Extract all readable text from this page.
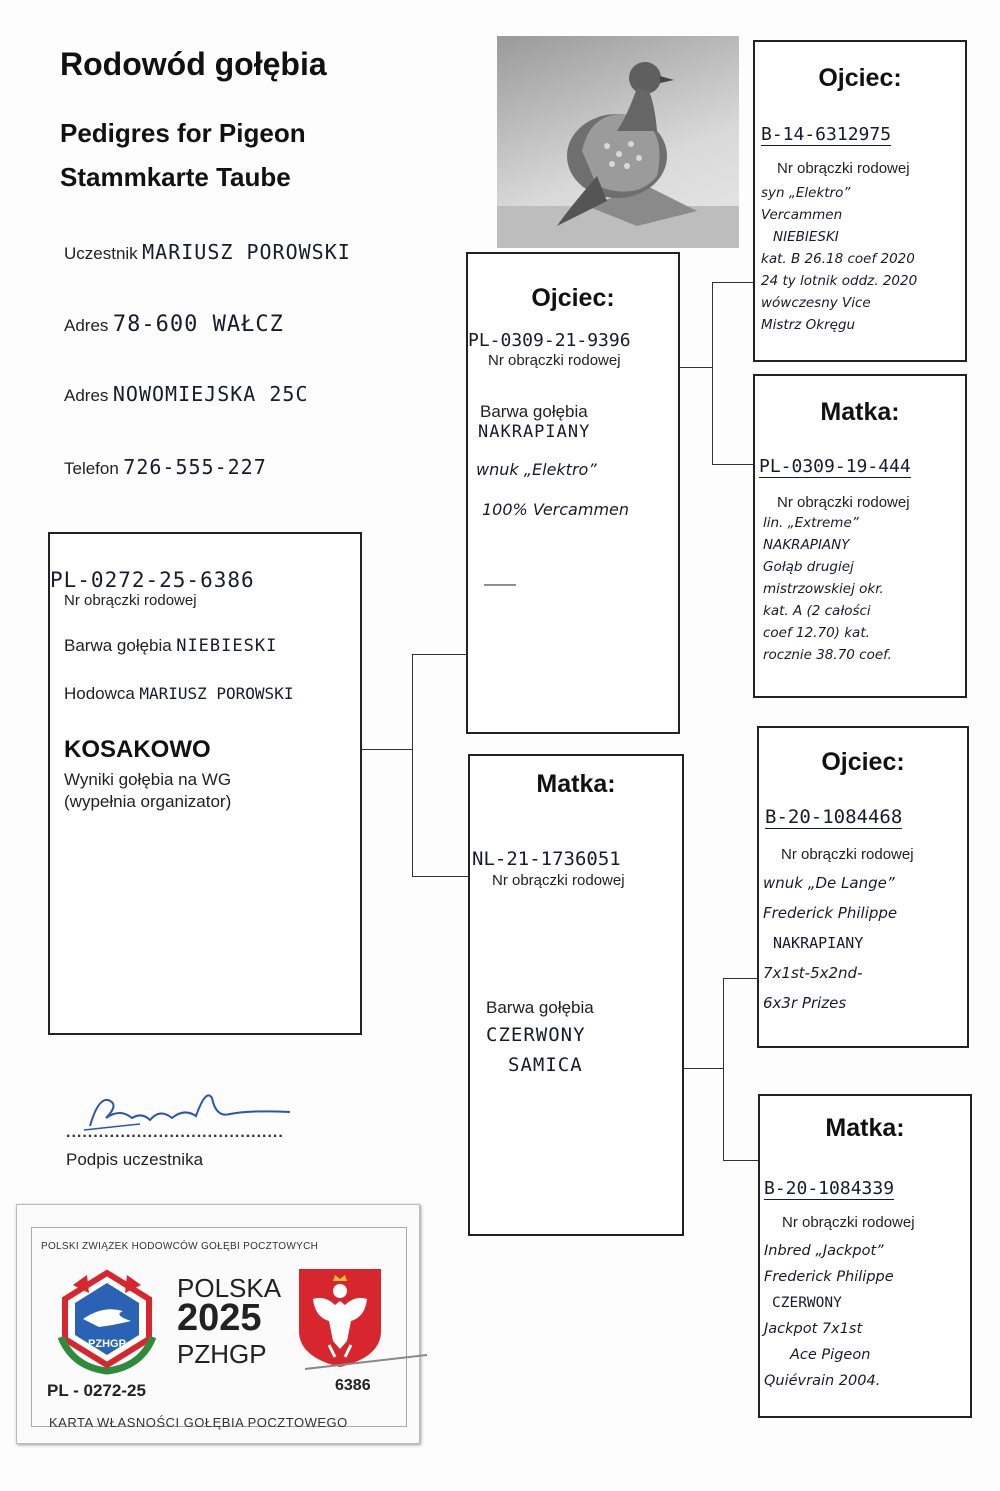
Rodowód gołębia
Pedigres for Pigeon
Stammkarte Taube
Uczestnik MARIUSZ POROWSKI
Adres 78-600 WAŁCZ
Adres NOWOMIEJSKA 25C
Telefon 726-555-227
PL-0272-25-6386
Nr obrączki rodowej
Barwa gołębia NIEBIESKI
Hodowca MARIUSZ POROWSKI
KOSAKOWO
Wyniki gołębia na WG
(wypełnia organizator)
Ojciec:
PL-0309-21-9396
Nr obrączki rodowej
Barwa gołębia
NAKRAPIANY
wnuk „Elektro”
100% Vercammen
——
Matka:
NL-21-1736051
Nr obrączki rodowej
Barwa gołębia
CZERWONY
SAMICA
Ojciec:
B-14-6312975
Nr obrączki rodowej
syn „Elektro”
Vercammen
NIEBIESKI
kat. B 26.18 coef 2020
24 ty lotnik oddz. 2020
wówczesny Vice
Mistrz Okręgu
Matka:
PL-0309-19-444
Nr obrączki rodowej
lin. „Extreme”
NAKRAPIANY
Gołąb drugiej
mistrzowskiej okr.
kat. A (2 całości
coef 12.70) kat.
rocznie 38.70 coef.
Ojciec:
B-20-1084468
Nr obrączki rodowej
wnuk „De Lange”
Frederick Philippe
NAKRAPIANY
7x1st-5x2nd-
6x3r Prizes
Matka:
B-20-1084339
Nr obrączki rodowej
Inbred „Jackpot”
Frederick Philippe
CZERWONY
Jackpot 7x1st
Ace Pigeon
Quiévrain 2004.
........................................
Podpis uczestnika
POLSKI ZWIĄZEK HODOWCÓW GOŁĘBI POCZTOWYCH
PZHGP
POLSKA
2025
PZHGP
PL - 0272-25	6386
KARTA WŁASNOŚCI GOŁĘBIA POCZTOWEGO
